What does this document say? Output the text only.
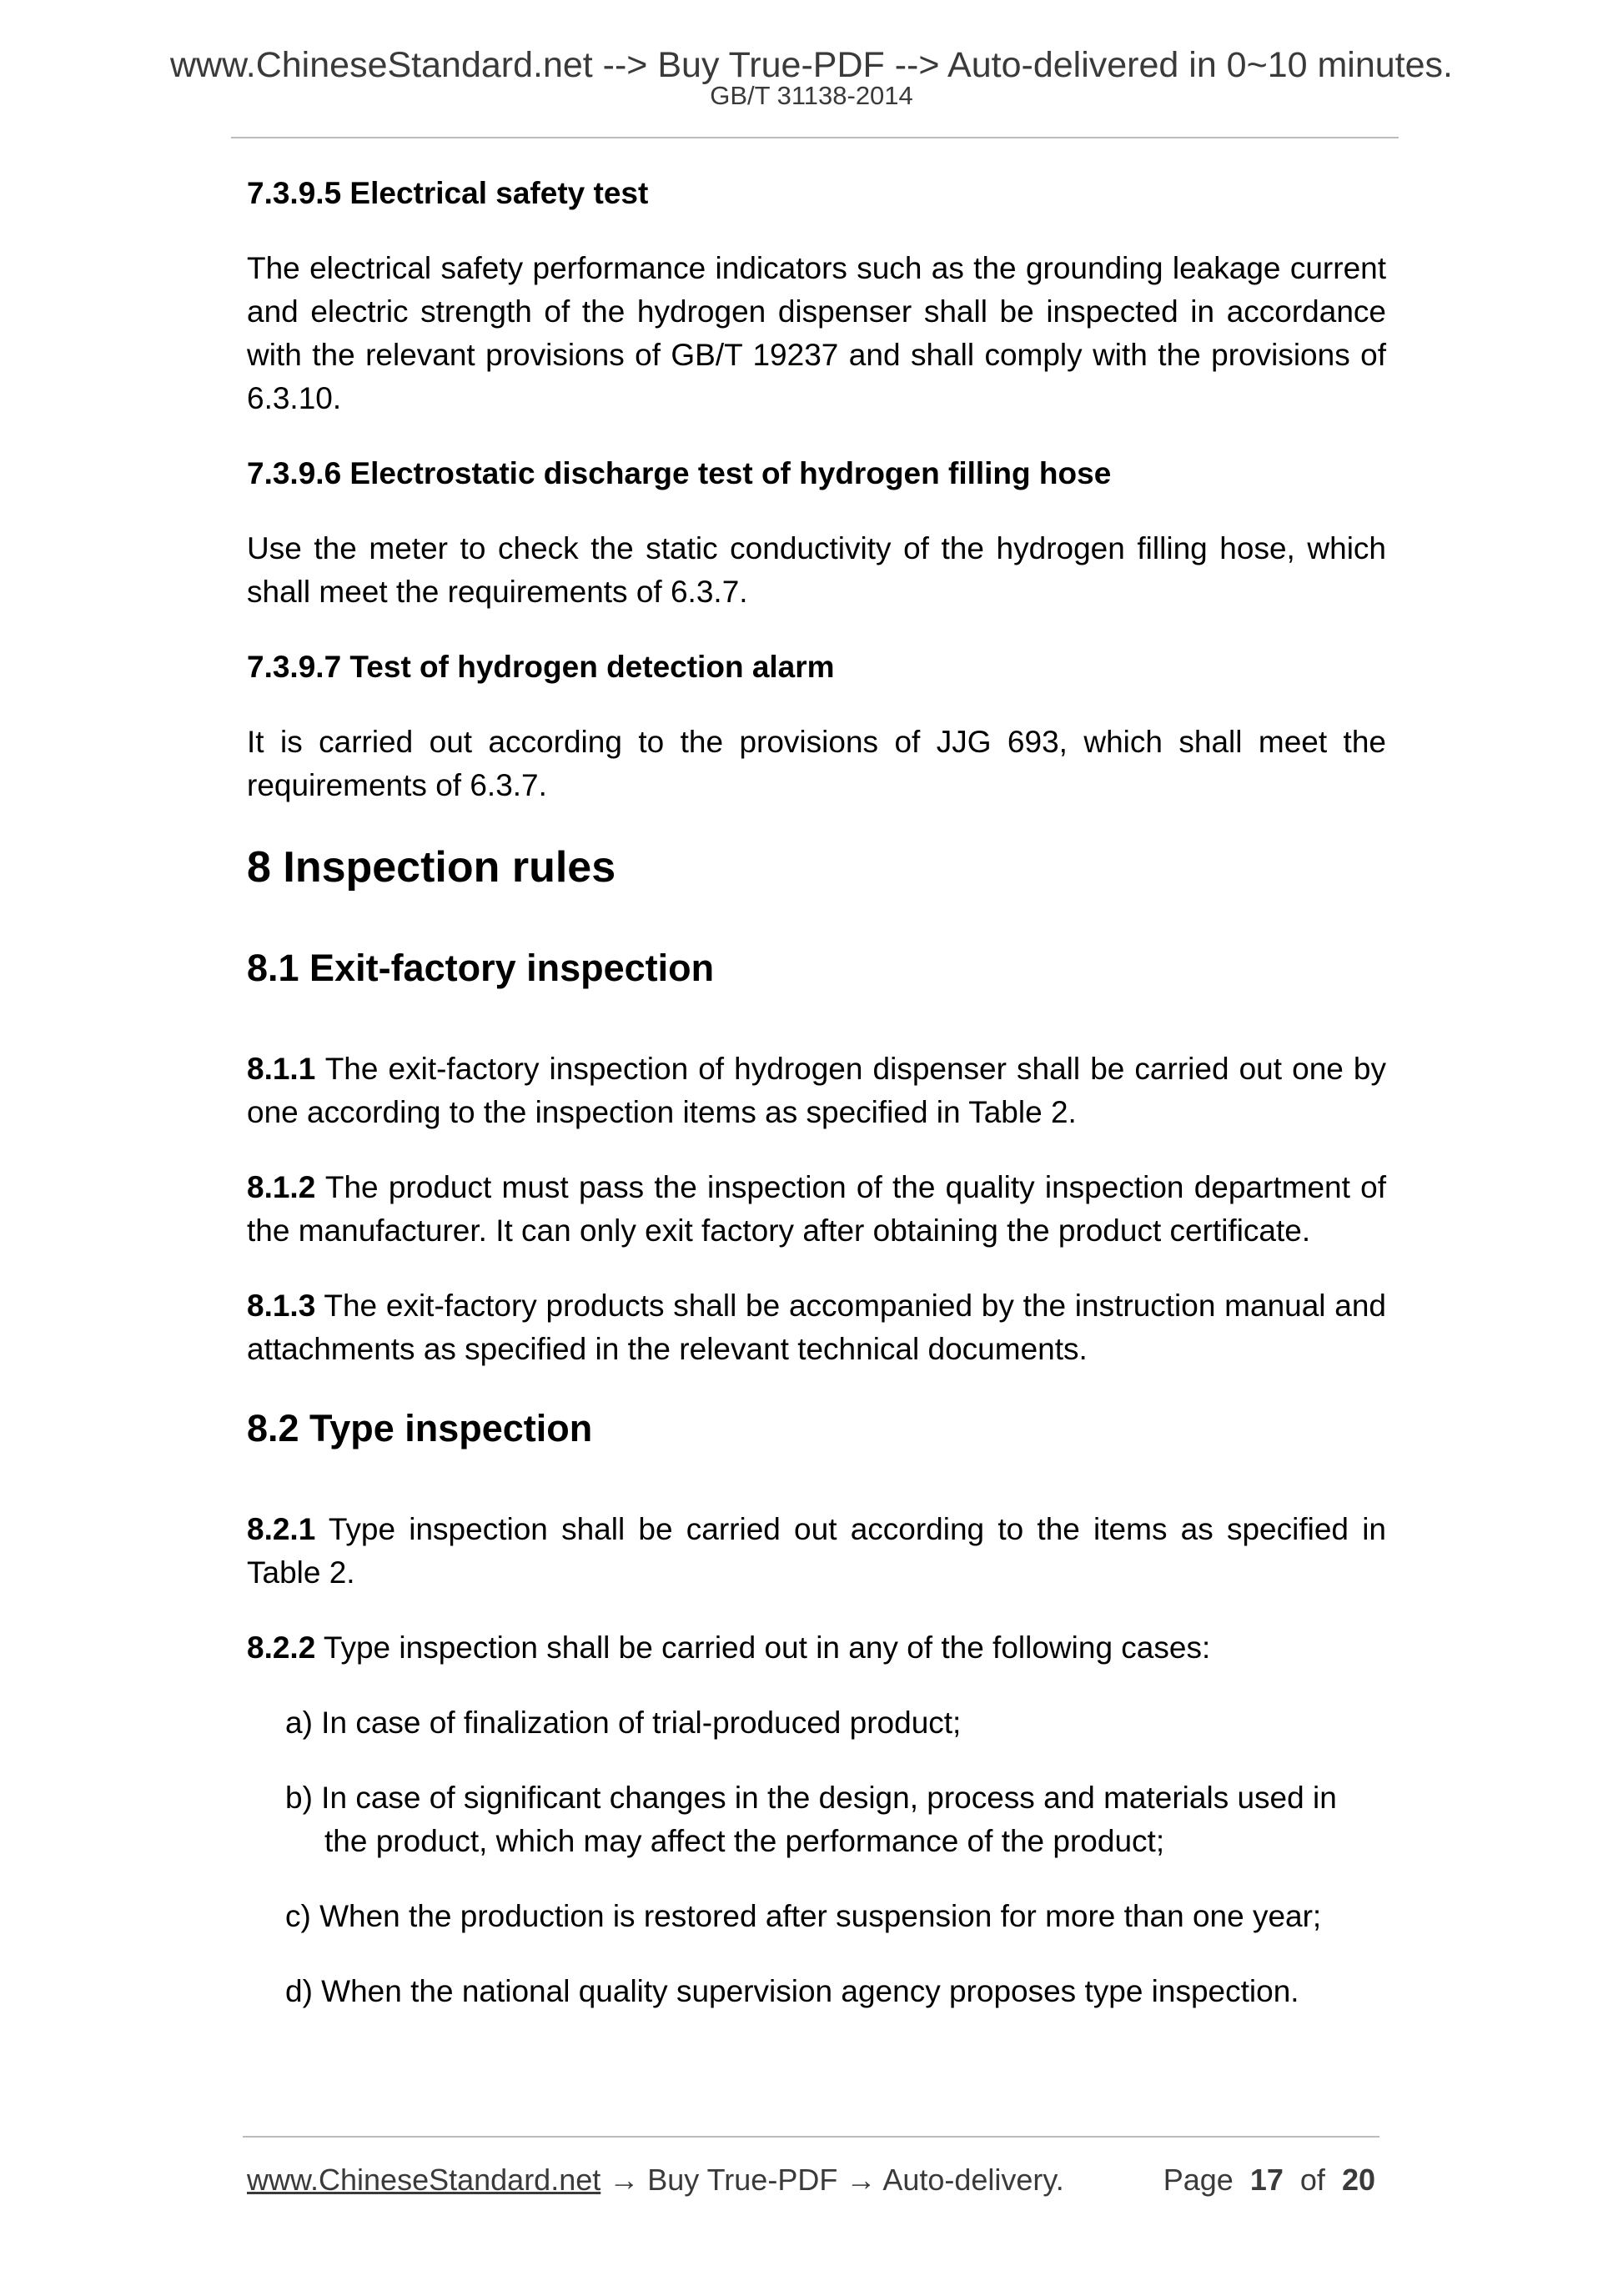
www.ChineseStandard.net --> Buy True-PDF --> Auto-delivered in 0~10 minutes.
GB/T 31138-2014

7.3.9.5 Electrical safety test

The electrical safety performance indicators such as the grounding leakage current and electric strength of the hydrogen dispenser shall be inspected in accordance with the relevant provisions of GB/T 19237 and shall comply with the provisions of 6.3.10.

7.3.9.6 Electrostatic discharge test of hydrogen filling hose

Use the meter to check the static conductivity of the hydrogen filling hose, which shall meet the requirements of 6.3.7.

7.3.9.7 Test of hydrogen detection alarm

It is carried out according to the provisions of JJG 693, which shall meet the requirements of 6.3.7.

8 Inspection rules

8.1 Exit-factory inspection

8.1.1 The exit-factory inspection of hydrogen dispenser shall be carried out one by one according to the inspection items as specified in Table 2.

8.1.2 The product must pass the inspection of the quality inspection department of the manufacturer. It can only exit factory after obtaining the product certificate.

8.1.3 The exit-factory products shall be accompanied by the instruction manual and attachments as specified in the relevant technical documents.

8.2 Type inspection

8.2.1 Type inspection shall be carried out according to the items as specified in Table 2.

8.2.2 Type inspection shall be carried out in any of the following cases:

a) In case of finalization of trial-produced product;

b) In case of significant changes in the design, process and materials used in the product, which may affect the performance of the product;

c) When the production is restored after suspension for more than one year;

d) When the national quality supervision agency proposes type inspection.

www.ChineseStandard.net → Buy True-PDF → Auto-delivery.	Page 17 of 20
